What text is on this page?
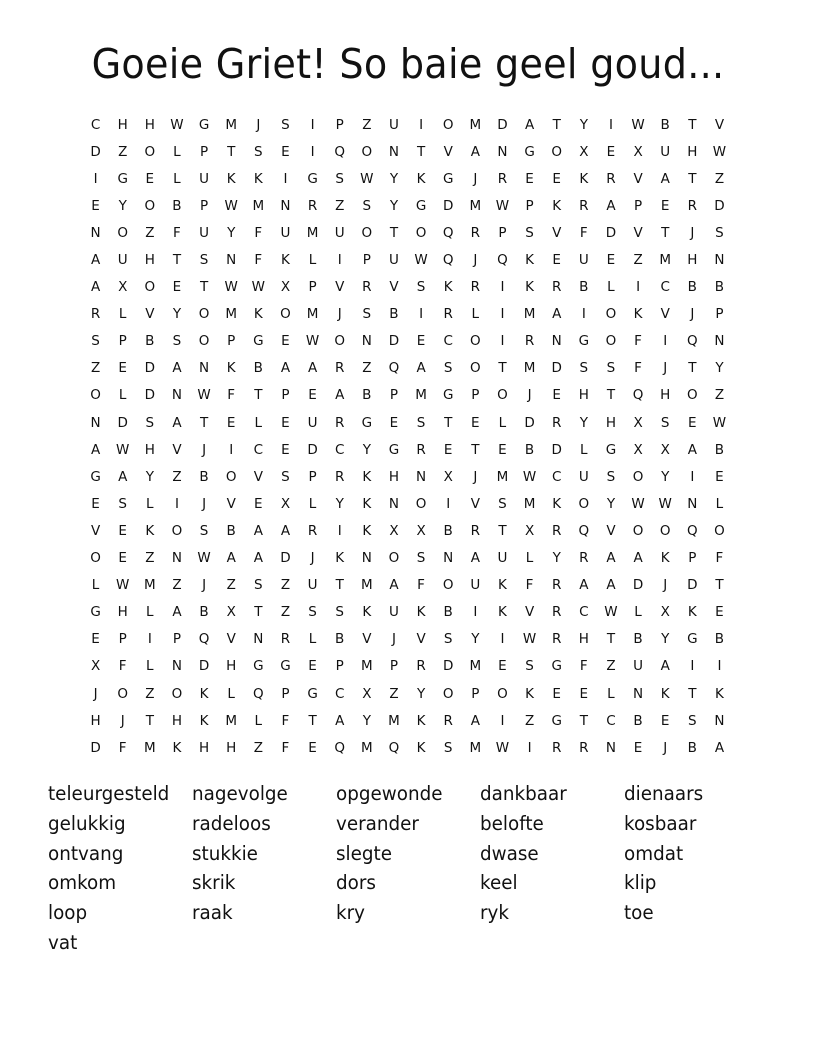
Goeie Griet! So baie geel goud...
C	H	H	W	G	M	J	S	I	P	Z	U	I	O	M	D	A	T	Y	I	W	B	T	V
D	Z	O	L	P	T	S	E	I	Q	O	N	T	V	A	N	G	O	X	E	X	U	H	W
I	G	E	L	U	K	K	I	G	S	W	Y	K	G	J	R	E	E	K	R	V	A	T	Z
E	Y	O	B	P	W	M	N	R	Z	S	Y	G	D	M	W	P	K	R	A	P	E	R	D
N	O	Z	F	U	Y	F	U	M	U	O	T	O	Q	R	P	S	V	F	D	V	T	J	S
A	U	H	T	S	N	F	K	L	I	P	U	W	Q	J	Q	K	E	U	E	Z	M	H	N
A	X	O	E	T	W	W	X	P	V	R	V	S	K	R	I	K	R	B	L	I	C	B	B
R	L	V	Y	O	M	K	O	M	J	S	B	I	R	L	I	M	A	I	O	K	V	J	P
S	P	B	S	O	P	G	E	W	O	N	D	E	C	O	I	R	N	G	O	F	I	Q	N
Z	E	D	A	N	K	B	A	A	R	Z	Q	A	S	O	T	M	D	S	S	F	J	T	Y
O	L	D	N	W	F	T	P	E	A	B	P	M	G	P	O	J	E	H	T	Q	H	O	Z
N	D	S	A	T	E	L	E	U	R	G	E	S	T	E	L	D	R	Y	H	X	S	E	W
A	W	H	V	J	I	C	E	D	C	Y	G	R	E	T	E	B	D	L	G	X	X	A	B
G	A	Y	Z	B	O	V	S	P	R	K	H	N	X	J	M	W	C	U	S	O	Y	I	E
E	S	L	I	J	V	E	X	L	Y	K	N	O	I	V	S	M	K	O	Y	W	W	N	L
V	E	K	O	S	B	A	A	R	I	K	X	X	B	R	T	X	R	Q	V	O	O	Q	O
O	E	Z	N	W	A	A	D	J	K	N	O	S	N	A	U	L	Y	R	A	A	K	P	F
L	W	M	Z	J	Z	S	Z	U	T	M	A	F	O	U	K	F	R	A	A	D	J	D	T
G	H	L	A	B	X	T	Z	S	S	K	U	K	B	I	K	V	R	C	W	L	X	K	E
E	P	I	P	Q	V	N	R	L	B	V	J	V	S	Y	I	W	R	H	T	B	Y	G	B
X	F	L	N	D	H	G	G	E	P	M	P	R	D	M	E	S	G	F	Z	U	A	I	I
J	O	Z	O	K	L	Q	P	G	C	X	Z	Y	O	P	O	K	E	E	L	N	K	T	K
H	J	T	H	K	M	L	F	T	A	Y	M	K	R	A	I	Z	G	T	C	B	E	S	N
D	F	M	K	H	H	Z	F	E	Q	M	Q	K	S	M	W	I	R	R	N	E	J	B	A
teleurgesteld	nagevolge	opgewonde	dankbaar	dienaars
gelukkig	radeloos	verander	belofte	kosbaar
ontvang	stukkie	slegte	dwase	omdat
omkom	skrik	dors	keel	klip
loop	raak	kry	ryk	toe
vat
